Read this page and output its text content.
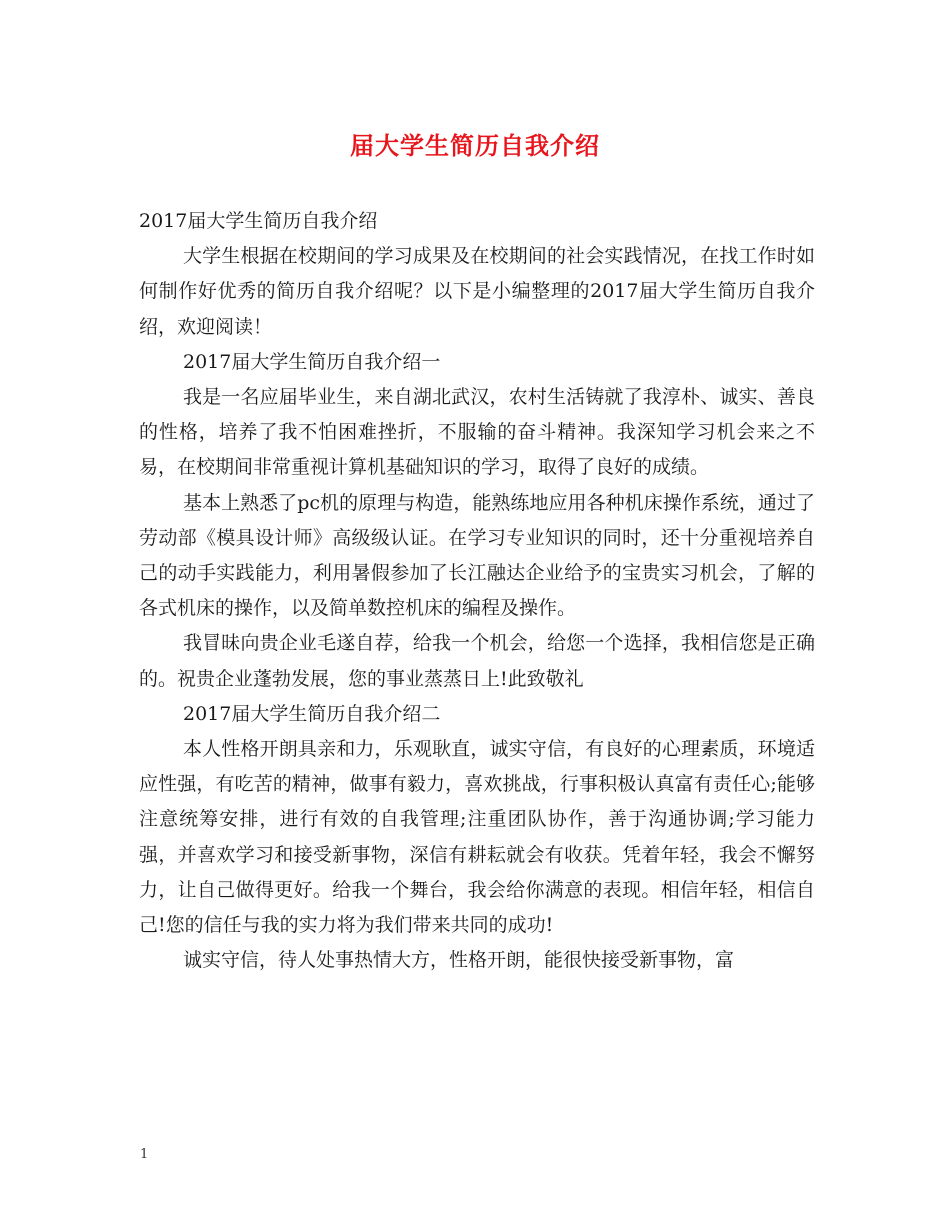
届大学生简历自我介绍

2017届大学生简历自我介绍

大学生根据在校期间的学习成果及在校期间的社会实践情况，在找工作时如何制作好优秀的简历自我介绍呢？以下是小编整理的2017届大学生简历自我介绍，欢迎阅读！

2017届大学生简历自我介绍一

我是一名应届毕业生，来自湖北武汉，农村生活铸就了我淳朴、诚实、善良的性格，培养了我不怕困难挫折，不服输的奋斗精神。我深知学习机会来之不易，在校期间非常重视计算机基础知识的学习，取得了良好的成绩。

基本上熟悉了pc机的原理与构造，能熟练地应用各种机床操作系统，通过了劳动部《模具设计师》高级级认证。在学习专业知识的同时，还十分重视培养自己的动手实践能力，利用暑假参加了长江融达企业给予的宝贵实习机会，了解的各式机床的操作，以及简单数控机床的编程及操作。

我冒昧向贵企业毛遂自荐，给我一个机会，给您一个选择，我相信您是正确的。祝贵企业蓬勃发展，您的事业蒸蒸日上!此致敬礼

2017届大学生简历自我介绍二

本人性格开朗具亲和力，乐观耿直，诚实守信，有良好的心理素质，环境适应性强，有吃苦的精神，做事有毅力，喜欢挑战，行事积极认真富有责任心;能够注意统筹安排，进行有效的自我管理;注重团队协作，善于沟通协调;学习能力强，并喜欢学习和接受新事物，深信有耕耘就会有收获。凭着年轻，我会不懈努力，让自己做得更好。给我一个舞台，我会给你满意的表现。相信年轻，相信自己!您的信任与我的实力将为我们带来共同的成功!

诚实守信，待人处事热情大方，性格开朗，能很快接受新事物，富

1
